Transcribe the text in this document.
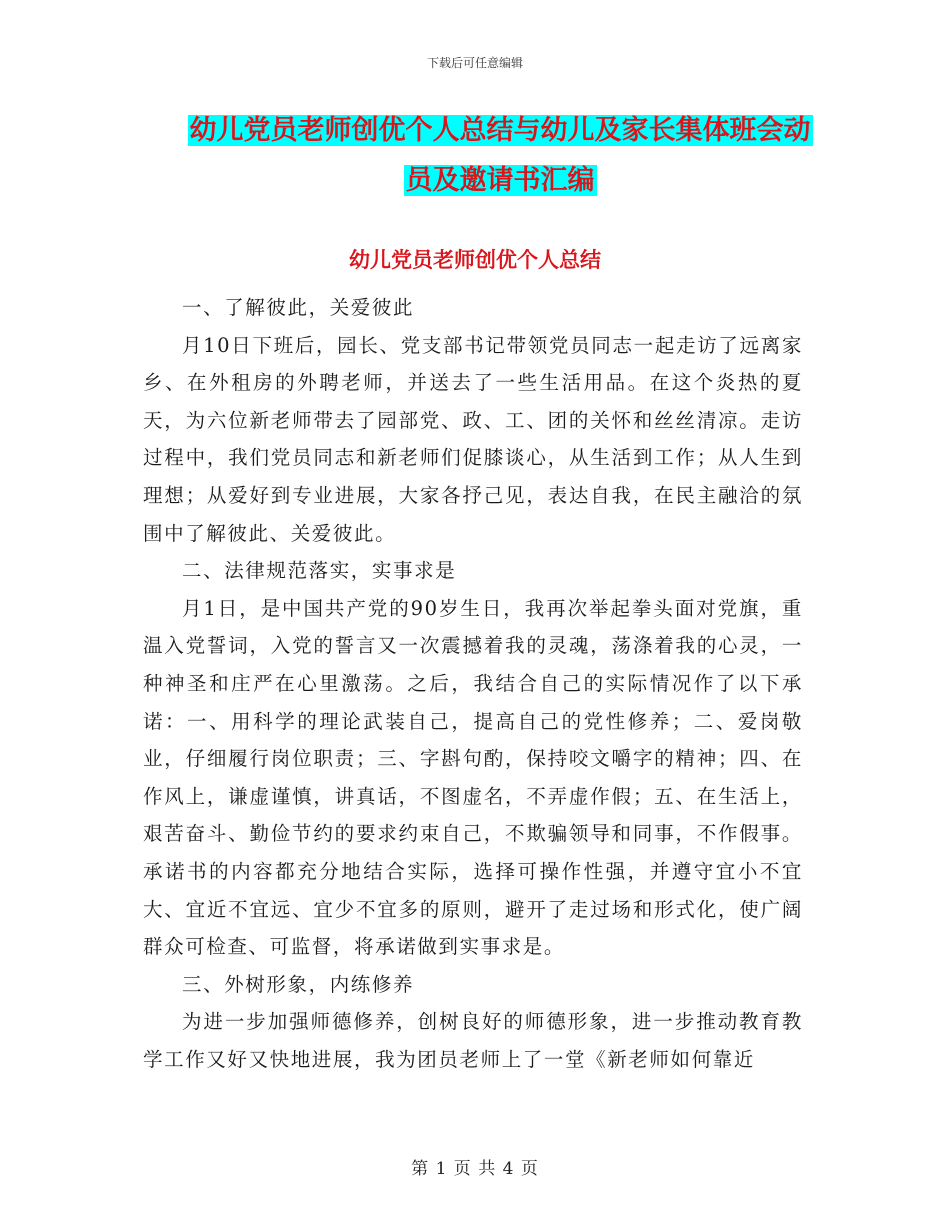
下载后可任意编辑
幼儿党员老师创优个人总结与幼儿及家长集体班会动
员及邀请书汇编
幼儿党员老师创优个人总结

一、了解彼此，关爱彼此

月10日下班后，园长、党支部书记带领党员同志一起走访了远离家乡、在外租房的外聘老师，并送去了一些生活用品。在这个炎热的夏天，为六位新老师带去了园部党、政、工、团的关怀和丝丝清凉。走访过程中，我们党员同志和新老师们促膝谈心，从生活到工作；从人生到理想；从爱好到专业进展，大家各抒己见，表达自我，在民主融洽的氛围中了解彼此、关爱彼此。

二、法律规范落实，实事求是

月1日，是中国共产党的90岁生日，我再次举起拳头面对党旗，重温入党誓词，入党的誓言又一次震撼着我的灵魂，荡涤着我的心灵，一种神圣和庄严在心里激荡。之后，我结合自己的实际情况作了以下承诺：一、用科学的理论武装自己，提高自己的党性修养；二、爱岗敬业，仔细履行岗位职责；三、字斟句酌，保持咬文嚼字的精神；四、在作风上，谦虚谨慎，讲真话，不图虚名，不弄虚作假；五、在生活上，艰苦奋斗、勤俭节约的要求约束自己，不欺骗领导和同事，不作假事。承诺书的内容都充分地结合实际，选择可操作性强，并遵守宜小不宜大、宜近不宜远、宜少不宜多的原则，避开了走过场和形式化，使广阔群众可检查、可监督，将承诺做到实事求是。

三、外树形象，内练修养

为进一步加强师德修养，创树良好的师德形象，进一步推动教育教学工作又好又快地进展，我为团员老师上了一堂《新老师如何靠近

第 1 页 共 4 页
